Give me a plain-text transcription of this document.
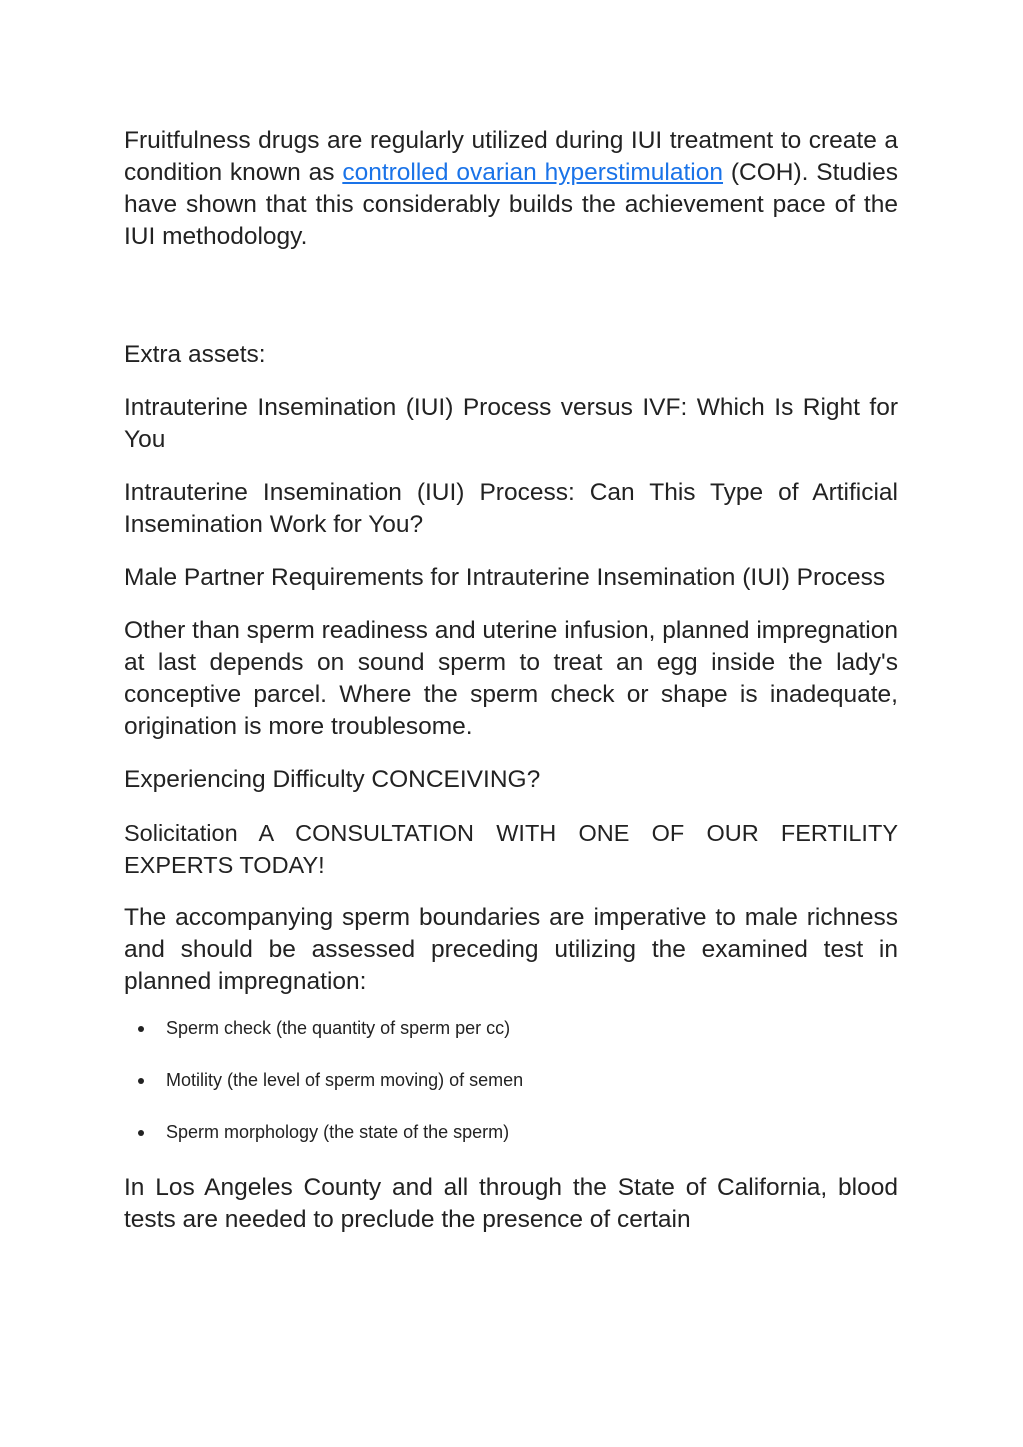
Fruitfulness drugs are regularly utilized during IUI treatment to create a condition known as controlled ovarian hyperstimulation (COH). Studies have shown that this considerably builds the achievement pace of the IUI methodology.

Extra assets:

Intrauterine Insemination (IUI) Process versus IVF: Which Is Right for You

Intrauterine Insemination (IUI) Process: Can This Type of Artificial Insemination Work for You?

Male Partner Requirements for Intrauterine Insemination (IUI) Process

Other than sperm readiness and uterine infusion, planned impregnation at last depends on sound sperm to treat an egg inside the lady's conceptive parcel. Where the sperm check or shape is inadequate, origination is more troublesome.

Experiencing Difficulty CONCEIVING?

Solicitation A CONSULTATION WITH ONE OF OUR FERTILITY EXPERTS TODAY!

The accompanying sperm boundaries are imperative to male richness and should be assessed preceding utilizing the examined test in planned impregnation:

Sperm check (the quantity of sperm per cc)
Motility (the level of sperm moving) of semen
Sperm morphology (the state of the sperm)

In Los Angeles County and all through the State of California, blood tests are needed to preclude the presence of certain
